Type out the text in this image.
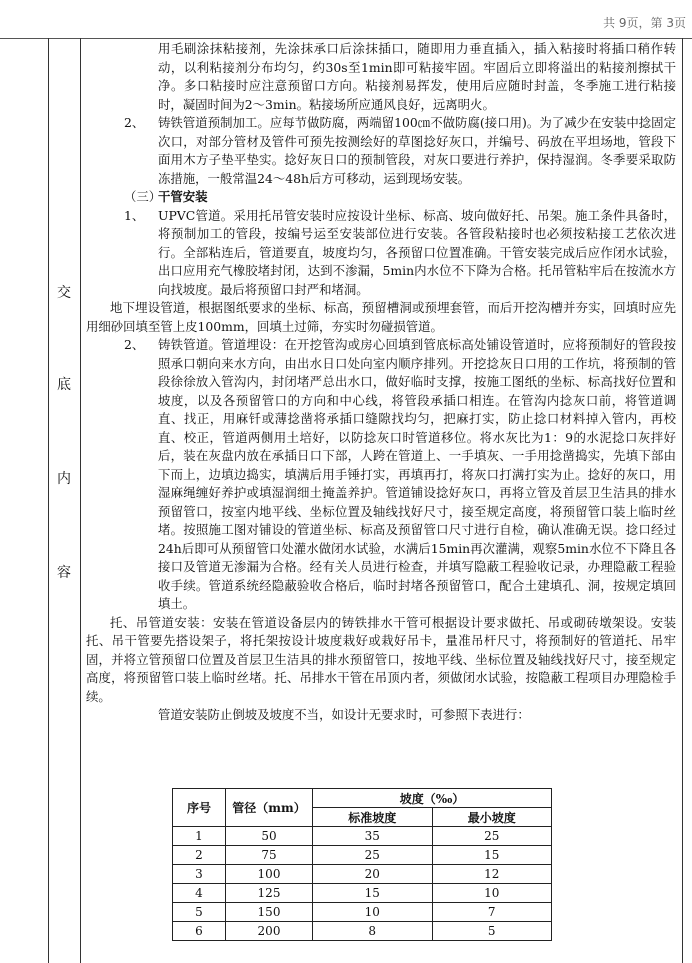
共 9页，第 3页
交
底
内
容

用毛刷涂抹粘接剂，先涂抹承口后涂抹插口，随即用力垂直插入，插入粘接时将插口稍作转动，以利粘接剂分布均匀，约30s至1min即可粘接牢固。牢固后立即将溢出的粘接剂擦拭干净。多口粘接时应注意预留口方向。粘接剂易挥发，使用后应随时封盖，冬季施工进行粘接时，凝固时间为2～3min。粘接场所应通风良好，远离明火。

2、 铸铁管道预制加工。应每节做防腐，两端留100㎝不做防腐(接口用)。为了减少在安装中捻固定次口，对部分管材及管件可预先按测绘好的草图捻好灰口，并编号、码放在平坦场地，管段下面用木方子垫平垫实。捻好灰日口的预制管段，对灰口要进行养护，保持湿润。冬季要采取防冻措施，一般常温24～48h后方可移动，运到现场安装。

（三）干管安装
1、 UPVC管道。采用托吊管安装时应按设计坐标、标高、坡向做好托、吊架。施工条件具备时，将预制加工的管段，按编号运至安装部位进行安装。各管段粘接时也必须按粘接工艺依次进行。全部粘连后，管道要直，坡度均匀，各预留口位置准确。干管安装完成后应作闭水试验，出口应用充气橡胶堵封闭，达到不渗漏，5min内水位不下降为合格。托吊管粘牢后在按流水方向找坡度。最后将预留口封严和堵洞。

地下埋设管道，根据图纸要求的坐标、标高，预留槽洞或预埋套管，而后开挖沟槽并夯实，回填时应先用细砂回填至管上皮100mm，回填土过筛，夯实时勿碰损管道。

2、 铸铁管道。管道埋设：在开挖管沟或房心回填到管底标高处铺设管道时，应将预制好的管段按照承口朝向来水方向，由出水日口处向室内顺序排列。开挖捻灰日口用的工作坑，将预制的管段徐徐放入管沟内，封闭堵严总出水口，做好临时支撑，按施工图纸的坐标、标高找好位置和坡度，以及各预留管口的方向和中心线，将管段承插口相连。在管沟内捻灰口前，将管道调直、找正，用麻钎或薄捻凿将承插口缝隙找均匀，把麻打实，防止捻口材料掉入管内，再校直、校正，管道两侧用土培好，以防捻灰口时管道移位。将水灰比为1：9的水泥捻口灰拌好后，装在灰盘内放在承插日口下部，人跨在管道上、一手填灰、一手用捻凿捣实，先填下部由下而上，边填边捣实，填满后用手锤打实，再填再打，将灰口打满打实为止。捻好的灰口，用湿麻绳缠好养护或填湿润细土掩盖养护。管道铺设捻好灰口，再将立管及首层卫生洁具的排水预留管口，按室内地平线、坐标位置及轴线找好尺寸，接至规定高度，将预留管口装上临时丝堵。按照施工图对铺设的管道坐标、标高及预留管口尺寸进行自检，确认准确无误。捻口经过24h后即可从预留管口处灌水做闭水试验，水满后15min再次灌满，观察5min水位不下降且各接口及管道无渗漏为合格。经有关人员进行检查，并填写隐蔽工程验收记录，办理隐蔽工程验收手续。管道系统经隐蔽验收合格后，临时封堵各预留管口，配合土建填孔、洞，按规定填回填土。

托、吊管道安装：安装在管道设备层内的铸铁排水干管可根据设计要求做托、吊或砌砖墩架设。安装托、吊干管要先搭设架子，将托架按设计坡度栽好或栽好吊卡，量准吊杆尺寸，将预制好的管道托、吊牢固，并将立管预留口位置及首层卫生洁具的排水预留管口，按地平线、坐标位置及轴线找好尺寸，接至规定高度，将预留管口装上临时丝堵。托、吊排水干管在吊顶内者，须做闭水试验，按隐蔽工程项目办理隐检手续。

管道安装防止倒坡及坡度不当，如设计无要求时，可参照下表进行：

序号	管径（mm）	坡度（‰）	
		标准坡度	最小坡度
1	50	35	25
2	75	25	15
3	100	20	12
4	125	15	10
5	150	10	7
6	200	8	5
